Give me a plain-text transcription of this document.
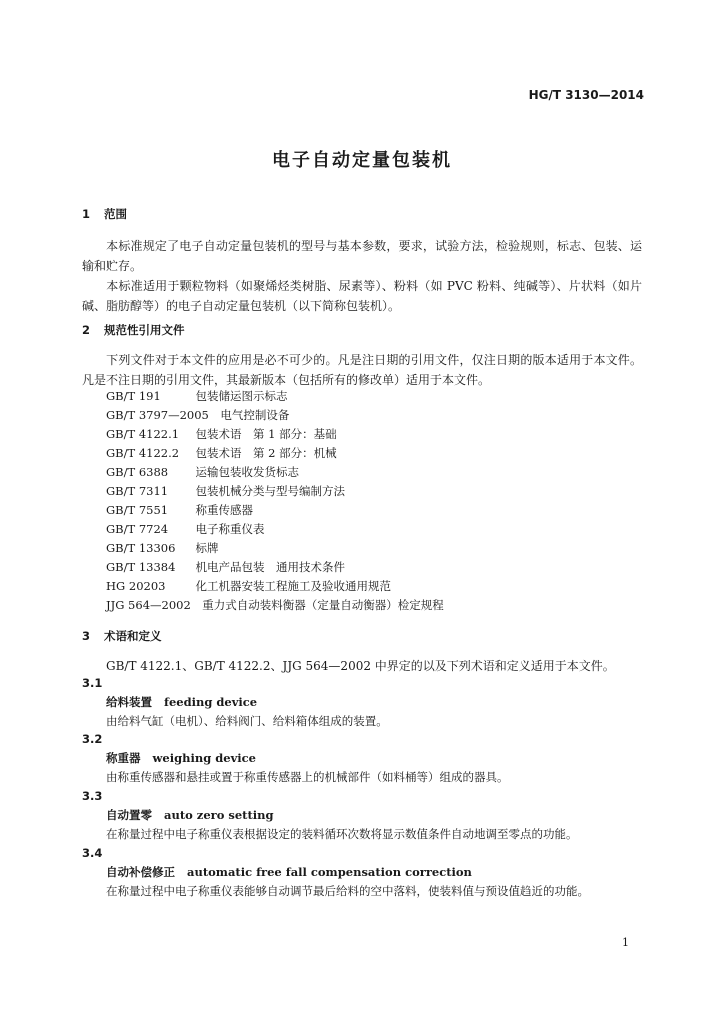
HG/T 3130—2014
电子自动定量包装机
1 范围
本标准规定了电子自动定量包装机的型号与基本参数，要求，试验方法，检验规则，标志、包装、运输和贮存。
本标准适用于颗粒物料（如聚烯烃类树脂、尿素等）、粉料（如 PVC 粉料、纯碱等）、片状料（如片碱、脂肪醇等）的电子自动定量包装机（以下简称包装机）。
2 规范性引用文件
下列文件对于本文件的应用是必不可少的。凡是注日期的引用文件，仅注日期的版本适用于本文件。凡是不注日期的引用文件，其最新版本（包括所有的修改单）适用于本文件。
GB/T 191　	包装储运图示标志
GB/T 3797—2005　 电气控制设备
GB/T 4122.1　 包装术语　第 1 部分：基础
GB/T 4122.2　 包装术语　第 2 部分：机械
GB/T 6388　 运输包装收发货标志
GB/T 7311　 包装机械分类与型号编制方法
GB/T 7551　 称重传感器
GB/T 7724　 电子称重仪表
GB/T 13306　 标牌
GB/T 13384　 机电产品包装　通用技术条件
HG 20203　	化工机器安装工程施工及验收通用规范
JJG 564—2002　 重力式自动装料衡器（定量自动衡器）检定规程
3 术语和定义
GB/T 4122.1、GB/T 4122.2、JJG 564—2002 中界定的以及下列术语和定义适用于本文件。
3.1
给料装置 feeding device
由给料气缸（电机）、给料阀门、给料箱体组成的装置。
3.2
称重器 weighing device
由称重传感器和悬挂或置于称重传感器上的机械部件（如料桶等）组成的器具。
3.3
自动置零 auto zero setting
在称量过程中电子称重仪表根据设定的装料循环次数将显示数值条件自动地调至零点的功能。
3.4
自动补偿修正 automatic free fall compensation correction
在称量过程中电子称重仪表能够自动调节最后给料的空中落料，使装料值与预设值趋近的功能。
1
